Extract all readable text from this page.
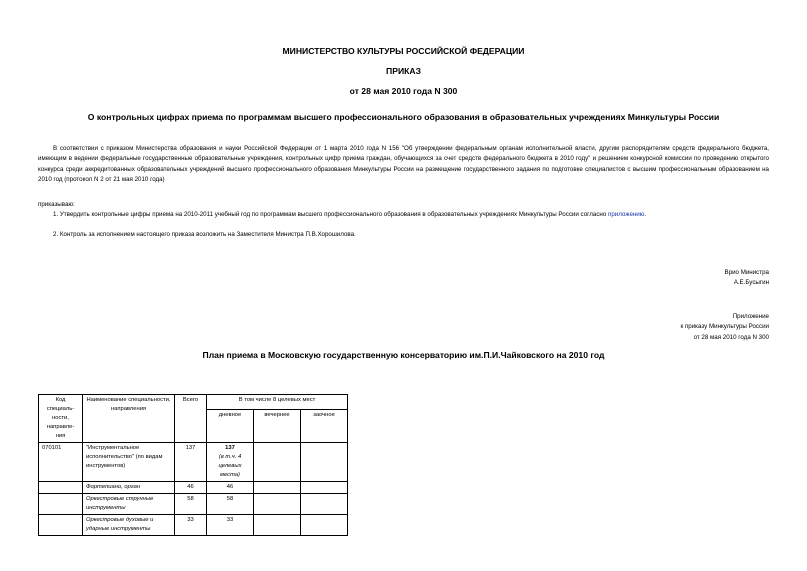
МИНИСТЕРСТВО КУЛЬТУРЫ РОССИЙСКОЙ ФЕДЕРАЦИИ
ПРИКАЗ
от 28 мая 2010 года N 300
О контрольных цифрах приема по программам высшего профессионального образования в образовательных учреждениях Минкультуры России
В соответствии с приказом Министерства образования и науки Российской Федерации от 1 марта 2010 года N 156 "Об утверждении федеральным органам исполнительной власти, другим распорядителям средств федерального бюджета, имеющим в ведении федеральные государственные образовательные учреждения, контрольных цифр приема граждан, обучающихся за счет средств федерального бюджета в 2010 году" и решением конкурсной комиссии по проведению открытого конкурса среди аккредитованных образовательных учреждений высшего профессионального образования Минкультуры России на размещение государственного задания по подготовке специалистов с высшим профессиональным образованием на 2010 год (протокол N 2 от 21 мая 2010 года)
приказываю:
1. Утвердить контрольные цифры приема на 2010-2011 учебный год по программам высшего профессионального образования в образовательных учреждениях Минкультуры России согласно приложению.
2. Контроль за исполнением настоящего приказа возложить на Заместителя Министра П.В.Хорошилова.
Врио Министра
А.Е.Бусыгин
Приложение
к приказу Минкультуры России
от 28 мая 2010 года N 300
План приема в Московскую государственную консерваторию им.П.И.Чайковского на 2010 год
Код специаль-ности, направле-ния	Наименование специальности, направления	Всего	В том числе 8 целевых мест		
			дневное	вечернее	заочное
070101	"Инструментальное исполнительство" (по видам инструментов)	137	137
(в т.ч. 4 целевых места)		

	Фортепиано, орган	46	46		
	Оркестровые струнные инструменты	58	58		
	Оркестровые духовые и ударные инструменты	33	33		
